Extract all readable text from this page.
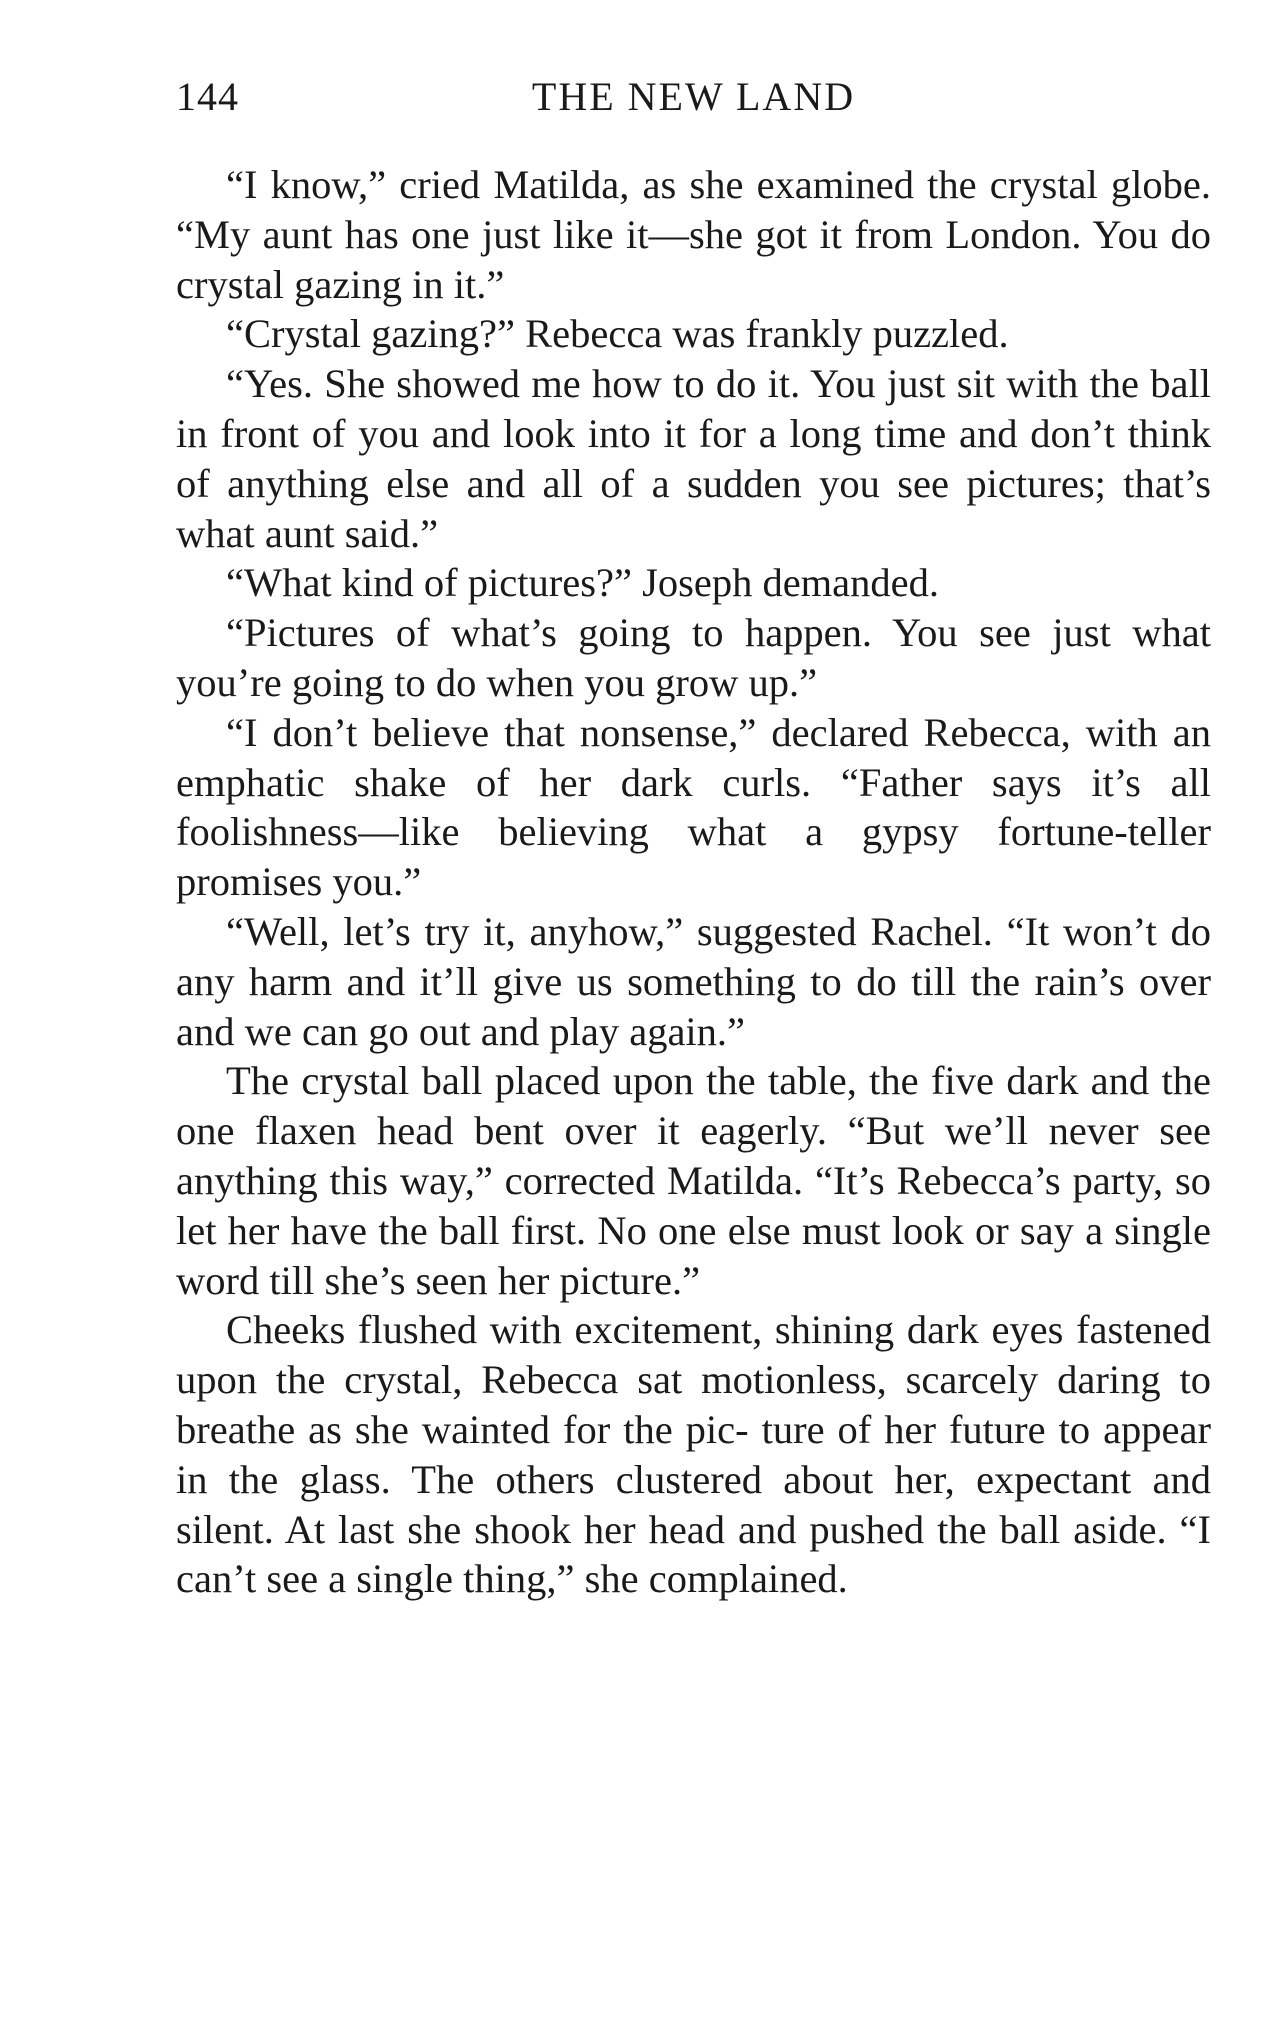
144	THE NEW LAND

“I know,” cried Matilda, as she examined the crystal globe. “My aunt has one just like it—she got it from London. You do crystal gazing in it.”

“Crystal gazing?” Rebecca was frankly puzzled.

“Yes. She showed me how to do it. You just sit with the ball in front of you and look into it for a long time and don’t think of anything else and all of a sudden you see pictures; that’s what aunt said.”

“What kind of pictures?” Joseph demanded.

“Pictures of what’s going to happen. You see just what you’re going to do when you grow up.”

“I don’t believe that nonsense,” declared Rebecca, with an emphatic shake of her dark curls. “Father says it’s all foolishness—like believing what a gypsy fortune-teller promises you.”

“Well, let’s try it, anyhow,” suggested Rachel. “It won’t do any harm and it’ll give us something to do till the rain’s over and we can go out and play again.”

The crystal ball placed upon the table, the five dark and the one flaxen head bent over it eagerly. “But we’ll never see anything this way,” corrected Matilda. “It’s Rebecca’s party, so let her have the ball first. No one else must look or say a single word till she’s seen her picture.”

Cheeks flushed with excitement, shining dark eyes fastened upon the crystal, Rebecca sat motionless, scarcely daring to breathe as she wainted for the pic- ture of her future to appear in the glass. The others clustered about her, expectant and silent. At last she shook her head and pushed the ball aside. “I can’t see a single thing,” she complained.
